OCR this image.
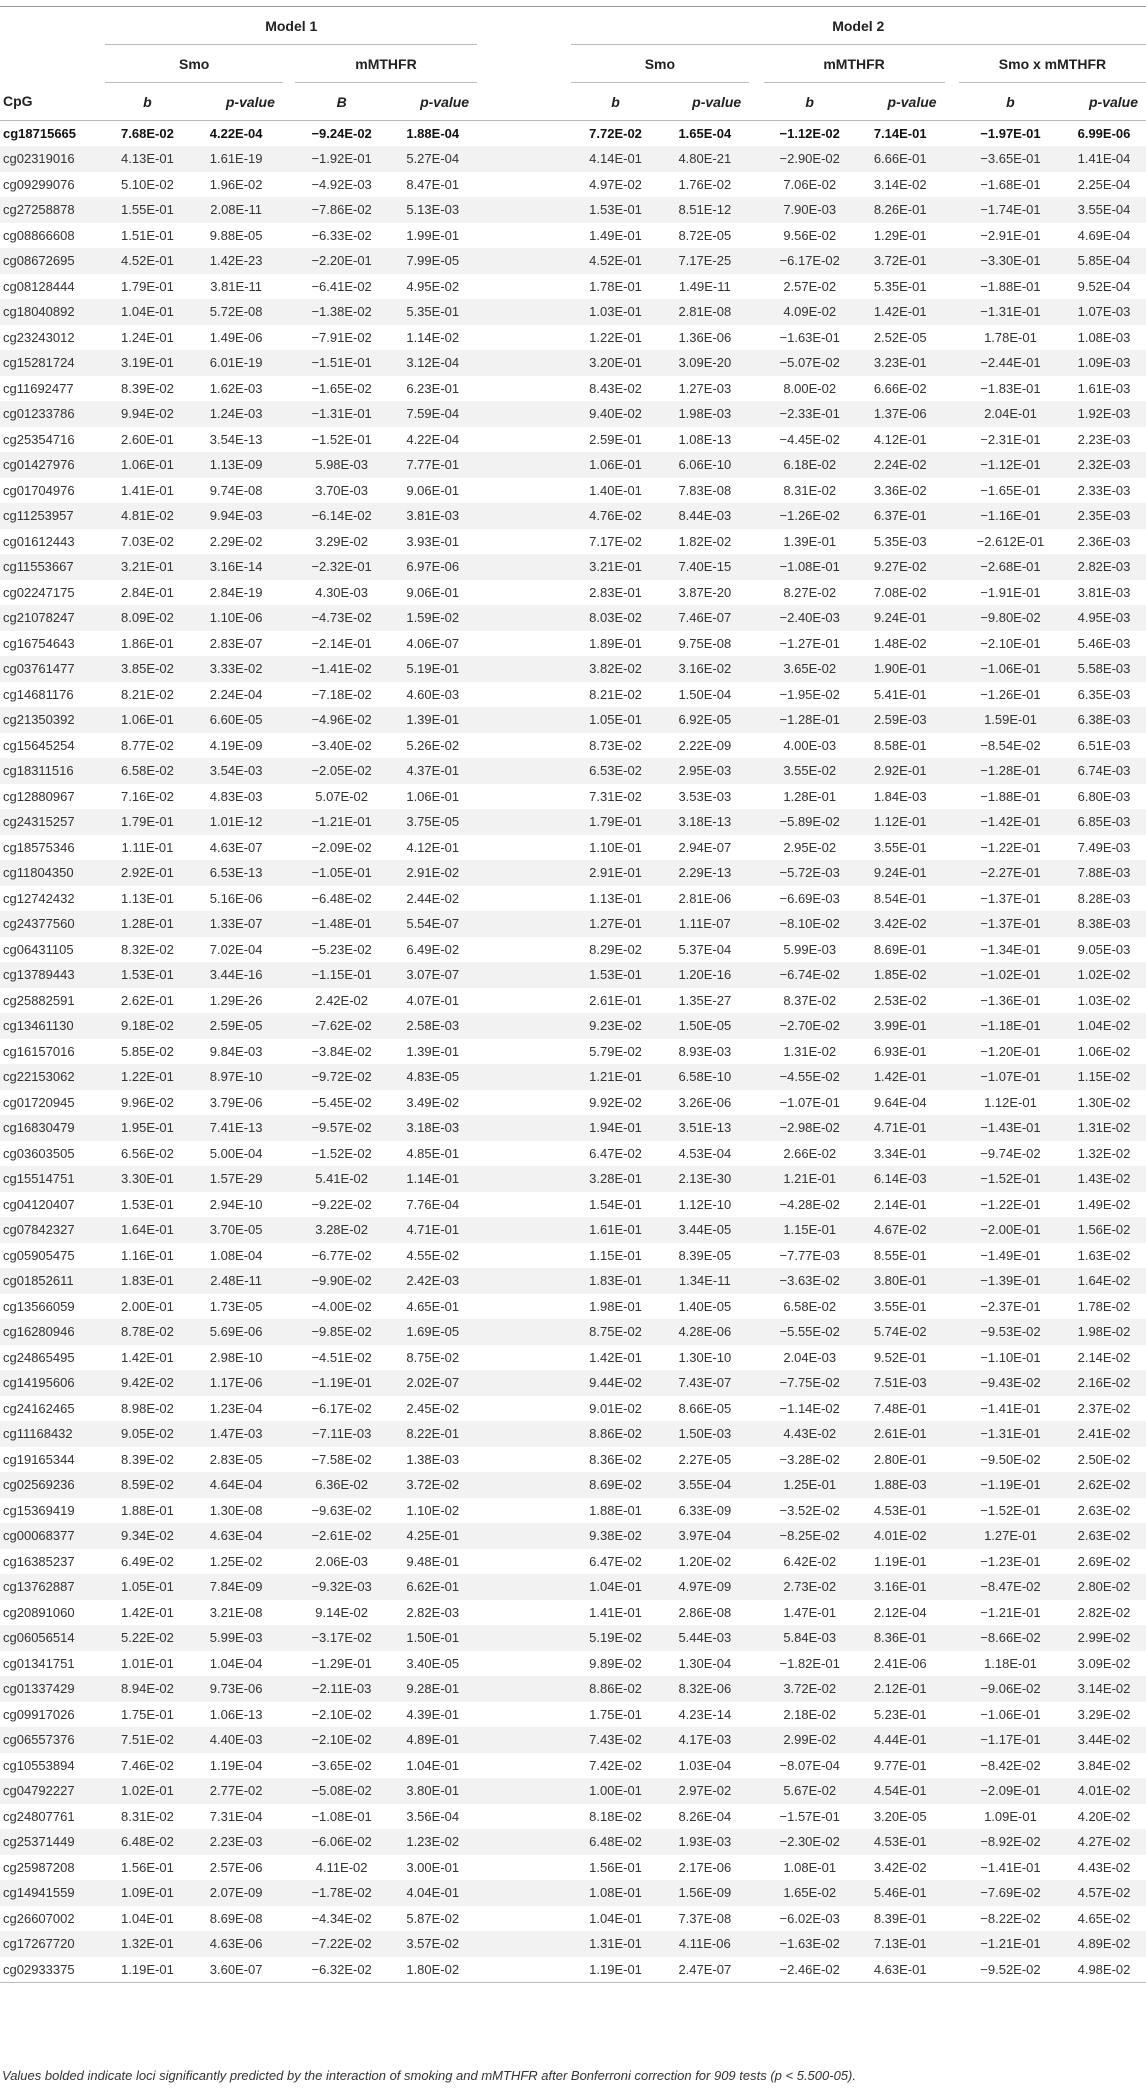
	Model 1						Model 2							
	Smo			mMTHFR			Smo			mMTHFR			Smo x mMTHFR	
CpG	b	p-value		B	p-value		b	p-value		b	p-value		b	p-value
cg18715665	7.68E-02	4.22E-04		−9.24E-02	1.88E-04		7.72E-02	1.65E-04		−1.12E-02	7.14E-01		−1.97E-01	6.99E-06
cg02319016	4.13E-01	1.61E-19		−1.92E-01	5.27E-04		4.14E-01	4.80E-21		−2.90E-02	6.66E-01		−3.65E-01	1.41E-04
cg09299076	5.10E-02	1.96E-02		−4.92E-03	8.47E-01		4.97E-02	1.76E-02		7.06E-02	3.14E-02		−1.68E-01	2.25E-04
cg27258878	1.55E-01	2.08E-11		−7.86E-02	5.13E-03		1.53E-01	8.51E-12		7.90E-03	8.26E-01		−1.74E-01	3.55E-04
cg08866608	1.51E-01	9.88E-05		−6.33E-02	1.99E-01		1.49E-01	8.72E-05		9.56E-02	1.29E-01		−2.91E-01	4.69E-04
cg08672695	4.52E-01	1.42E-23		−2.20E-01	7.99E-05		4.52E-01	7.17E-25		−6.17E-02	3.72E-01		−3.30E-01	5.85E-04
cg08128444	1.79E-01	3.81E-11		−6.41E-02	4.95E-02		1.78E-01	1.49E-11		2.57E-02	5.35E-01		−1.88E-01	9.52E-04
cg18040892	1.04E-01	5.72E-08		−1.38E-02	5.35E-01		1.03E-01	2.81E-08		4.09E-02	1.42E-01		−1.31E-01	1.07E-03
cg23243012	1.24E-01	1.49E-06		−7.91E-02	1.14E-02		1.22E-01	1.36E-06		−1.63E-01	2.52E-05		1.78E-01	1.08E-03
cg15281724	3.19E-01	6.01E-19		−1.51E-01	3.12E-04		3.20E-01	3.09E-20		−5.07E-02	3.23E-01		−2.44E-01	1.09E-03
cg11692477	8.39E-02	1.62E-03		−1.65E-02	6.23E-01		8.43E-02	1.27E-03		8.00E-02	6.66E-02		−1.83E-01	1.61E-03
cg01233786	9.94E-02	1.24E-03		−1.31E-01	7.59E-04		9.40E-02	1.98E-03		−2.33E-01	1.37E-06		2.04E-01	1.92E-03
cg25354716	2.60E-01	3.54E-13		−1.52E-01	4.22E-04		2.59E-01	1.08E-13		−4.45E-02	4.12E-01		−2.31E-01	2.23E-03
cg01427976	1.06E-01	1.13E-09		5.98E-03	7.77E-01		1.06E-01	6.06E-10		6.18E-02	2.24E-02		−1.12E-01	2.32E-03
cg01704976	1.41E-01	9.74E-08		3.70E-03	9.06E-01		1.40E-01	7.83E-08		8.31E-02	3.36E-02		−1.65E-01	2.33E-03
cg11253957	4.81E-02	9.94E-03		−6.14E-02	3.81E-03		4.76E-02	8.44E-03		−1.26E-02	6.37E-01		−1.16E-01	2.35E-03
cg01612443	7.03E-02	2.29E-02		3.29E-02	3.93E-01		7.17E-02	1.82E-02		1.39E-01	5.35E-03		−2.612E-01	2.36E-03
cg11553667	3.21E-01	3.16E-14		−2.32E-01	6.97E-06		3.21E-01	7.40E-15		−1.08E-01	9.27E-02		−2.68E-01	2.82E-03
cg02247175	2.84E-01	2.84E-19		4.30E-03	9.06E-01		2.83E-01	3.87E-20		8.27E-02	7.08E-02		−1.91E-01	3.81E-03
cg21078247	8.09E-02	1.10E-06		−4.73E-02	1.59E-02		8.03E-02	7.46E-07		−2.40E-03	9.24E-01		−9.80E-02	4.95E-03
cg16754643	1.86E-01	2.83E-07		−2.14E-01	4.06E-07		1.89E-01	9.75E-08		−1.27E-01	1.48E-02		−2.10E-01	5.46E-03
cg03761477	3.85E-02	3.33E-02		−1.41E-02	5.19E-01		3.82E-02	3.16E-02		3.65E-02	1.90E-01		−1.06E-01	5.58E-03
cg14681176	8.21E-02	2.24E-04		−7.18E-02	4.60E-03		8.21E-02	1.50E-04		−1.95E-02	5.41E-01		−1.26E-01	6.35E-03
cg21350392	1.06E-01	6.60E-05		−4.96E-02	1.39E-01		1.05E-01	6.92E-05		−1.28E-01	2.59E-03		1.59E-01	6.38E-03
cg15645254	8.77E-02	4.19E-09		−3.40E-02	5.26E-02		8.73E-02	2.22E-09		4.00E-03	8.58E-01		−8.54E-02	6.51E-03
cg18311516	6.58E-02	3.54E-03		−2.05E-02	4.37E-01		6.53E-02	2.95E-03		3.55E-02	2.92E-01		−1.28E-01	6.74E-03
cg12880967	7.16E-02	4.83E-03		5.07E-02	1.06E-01		7.31E-02	3.53E-03		1.28E-01	1.84E-03		−1.88E-01	6.80E-03
cg24315257	1.79E-01	1.01E-12		−1.21E-01	3.75E-05		1.79E-01	3.18E-13		−5.89E-02	1.12E-01		−1.42E-01	6.85E-03
cg18575346	1.11E-01	4.63E-07		−2.09E-02	4.12E-01		1.10E-01	2.94E-07		2.95E-02	3.55E-01		−1.22E-01	7.49E-03
cg11804350	2.92E-01	6.53E-13		−1.05E-01	2.91E-02		2.91E-01	2.29E-13		−5.72E-03	9.24E-01		−2.27E-01	7.88E-03
cg12742432	1.13E-01	5.16E-06		−6.48E-02	2.44E-02		1.13E-01	2.81E-06		−6.69E-03	8.54E-01		−1.37E-01	8.28E-03
cg24377560	1.28E-01	1.33E-07		−1.48E-01	5.54E-07		1.27E-01	1.11E-07		−8.10E-02	3.42E-02		−1.37E-01	8.38E-03
cg06431105	8.32E-02	7.02E-04		−5.23E-02	6.49E-02		8.29E-02	5.37E-04		5.99E-03	8.69E-01		−1.34E-01	9.05E-03
cg13789443	1.53E-01	3.44E-16		−1.15E-01	3.07E-07		1.53E-01	1.20E-16		−6.74E-02	1.85E-02		−1.02E-01	1.02E-02
cg25882591	2.62E-01	1.29E-26		2.42E-02	4.07E-01		2.61E-01	1.35E-27		8.37E-02	2.53E-02		−1.36E-01	1.03E-02
cg13461130	9.18E-02	2.59E-05		−7.62E-02	2.58E-03		9.23E-02	1.50E-05		−2.70E-02	3.99E-01		−1.18E-01	1.04E-02
cg16157016	5.85E-02	9.84E-03		−3.84E-02	1.39E-01		5.79E-02	8.93E-03		1.31E-02	6.93E-01		−1.20E-01	1.06E-02
cg22153062	1.22E-01	8.97E-10		−9.72E-02	4.83E-05		1.21E-01	6.58E-10		−4.55E-02	1.42E-01		−1.07E-01	1.15E-02
cg01720945	9.96E-02	3.79E-06		−5.45E-02	3.49E-02		9.92E-02	3.26E-06		−1.07E-01	9.64E-04		1.12E-01	1.30E-02
cg16830479	1.95E-01	7.41E-13		−9.57E-02	3.18E-03		1.94E-01	3.51E-13		−2.98E-02	4.71E-01		−1.43E-01	1.31E-02
cg03603505	6.56E-02	5.00E-04		−1.52E-02	4.85E-01		6.47E-02	4.53E-04		2.66E-02	3.34E-01		−9.74E-02	1.32E-02
cg15514751	3.30E-01	1.57E-29		5.41E-02	1.14E-01		3.28E-01	2.13E-30		1.21E-01	6.14E-03		−1.52E-01	1.43E-02
cg04120407	1.53E-01	2.94E-10		−9.22E-02	7.76E-04		1.54E-01	1.12E-10		−4.28E-02	2.14E-01		−1.22E-01	1.49E-02
cg07842327	1.64E-01	3.70E-05		3.28E-02	4.71E-01		1.61E-01	3.44E-05		1.15E-01	4.67E-02		−2.00E-01	1.56E-02
cg05905475	1.16E-01	1.08E-04		−6.77E-02	4.55E-02		1.15E-01	8.39E-05		−7.77E-03	8.55E-01		−1.49E-01	1.63E-02
cg01852611	1.83E-01	2.48E-11		−9.90E-02	2.42E-03		1.83E-01	1.34E-11		−3.63E-02	3.80E-01		−1.39E-01	1.64E-02
cg13566059	2.00E-01	1.73E-05		−4.00E-02	4.65E-01		1.98E-01	1.40E-05		6.58E-02	3.55E-01		−2.37E-01	1.78E-02
cg16280946	8.78E-02	5.69E-06		−9.85E-02	1.69E-05		8.75E-02	4.28E-06		−5.55E-02	5.74E-02		−9.53E-02	1.98E-02
cg24865495	1.42E-01	2.98E-10		−4.51E-02	8.75E-02		1.42E-01	1.30E-10		2.04E-03	9.52E-01		−1.10E-01	2.14E-02
cg14195606	9.42E-02	1.17E-06		−1.19E-01	2.02E-07		9.44E-02	7.43E-07		−7.75E-02	7.51E-03		−9.43E-02	2.16E-02
cg24162465	8.98E-02	1.23E-04		−6.17E-02	2.45E-02		9.01E-02	8.66E-05		−1.14E-02	7.48E-01		−1.41E-01	2.37E-02
cg11168432	9.05E-02	1.47E-03		−7.11E-03	8.22E-01		8.86E-02	1.50E-03		4.43E-02	2.61E-01		−1.31E-01	2.41E-02
cg19165344	8.39E-02	2.83E-05		−7.58E-02	1.38E-03		8.36E-02	2.27E-05		−3.28E-02	2.80E-01		−9.50E-02	2.50E-02
cg02569236	8.59E-02	4.64E-04		6.36E-02	3.72E-02		8.69E-02	3.55E-04		1.25E-01	1.88E-03		−1.19E-01	2.62E-02
cg15369419	1.88E-01	1.30E-08		−9.63E-02	1.10E-02		1.88E-01	6.33E-09		−3.52E-02	4.53E-01		−1.52E-01	2.63E-02
cg00068377	9.34E-02	4.63E-04		−2.61E-02	4.25E-01		9.38E-02	3.97E-04		−8.25E-02	4.01E-02		1.27E-01	2.63E-02
cg16385237	6.49E-02	1.25E-02		2.06E-03	9.48E-01		6.47E-02	1.20E-02		6.42E-02	1.19E-01		−1.23E-01	2.69E-02
cg13762887	1.05E-01	7.84E-09		−9.32E-03	6.62E-01		1.04E-01	4.97E-09		2.73E-02	3.16E-01		−8.47E-02	2.80E-02
cg20891060	1.42E-01	3.21E-08		9.14E-02	2.82E-03		1.41E-01	2.86E-08		1.47E-01	2.12E-04		−1.21E-01	2.82E-02
cg06056514	5.22E-02	5.99E-03		−3.17E-02	1.50E-01		5.19E-02	5.44E-03		5.84E-03	8.36E-01		−8.66E-02	2.99E-02
cg01341751	1.01E-01	1.04E-04		−1.29E-01	3.40E-05		9.89E-02	1.30E-04		−1.82E-01	2.41E-06		1.18E-01	3.09E-02
cg01337429	8.94E-02	9.73E-06		−2.11E-03	9.28E-01		8.86E-02	8.32E-06		3.72E-02	2.12E-01		−9.06E-02	3.14E-02
cg09917026	1.75E-01	1.06E-13		−2.10E-02	4.39E-01		1.75E-01	4.23E-14		2.18E-02	5.23E-01		−1.06E-01	3.29E-02
cg06557376	7.51E-02	4.40E-03		−2.10E-02	4.89E-01		7.43E-02	4.17E-03		2.99E-02	4.44E-01		−1.17E-01	3.44E-02
cg10553894	7.46E-02	1.19E-04		−3.65E-02	1.04E-01		7.42E-02	1.03E-04		−8.07E-04	9.77E-01		−8.42E-02	3.84E-02
cg04792227	1.02E-01	2.77E-02		−5.08E-02	3.80E-01		1.00E-01	2.97E-02		5.67E-02	4.54E-01		−2.09E-01	4.01E-02
cg24807761	8.31E-02	7.31E-04		−1.08E-01	3.56E-04		8.18E-02	8.26E-04		−1.57E-01	3.20E-05		1.09E-01	4.20E-02
cg25371449	6.48E-02	2.23E-03		−6.06E-02	1.23E-02		6.48E-02	1.93E-03		−2.30E-02	4.53E-01		−8.92E-02	4.27E-02
cg25987208	1.56E-01	2.57E-06		4.11E-02	3.00E-01		1.56E-01	2.17E-06		1.08E-01	3.42E-02		−1.41E-01	4.43E-02
cg14941559	1.09E-01	2.07E-09		−1.78E-02	4.04E-01		1.08E-01	1.56E-09		1.65E-02	5.46E-01		−7.69E-02	4.57E-02
cg26607002	1.04E-01	8.69E-08		−4.34E-02	5.87E-02		1.04E-01	7.37E-08		−6.02E-03	8.39E-01		−8.22E-02	4.65E-02
cg17267720	1.32E-01	4.63E-06		−7.22E-02	3.57E-02		1.31E-01	4.11E-06		−1.63E-02	7.13E-01		−1.21E-01	4.89E-02
cg02933375	1.19E-01	3.60E-07		−6.32E-02	1.80E-02		1.19E-01	2.47E-07		−2.46E-02	4.63E-01		−9.52E-02	4.98E-02
Values bolded indicate loci significantly predicted by the interaction of smoking and mMTHFR after Bonferroni correction for 909 tests (p < 5.500-05).
